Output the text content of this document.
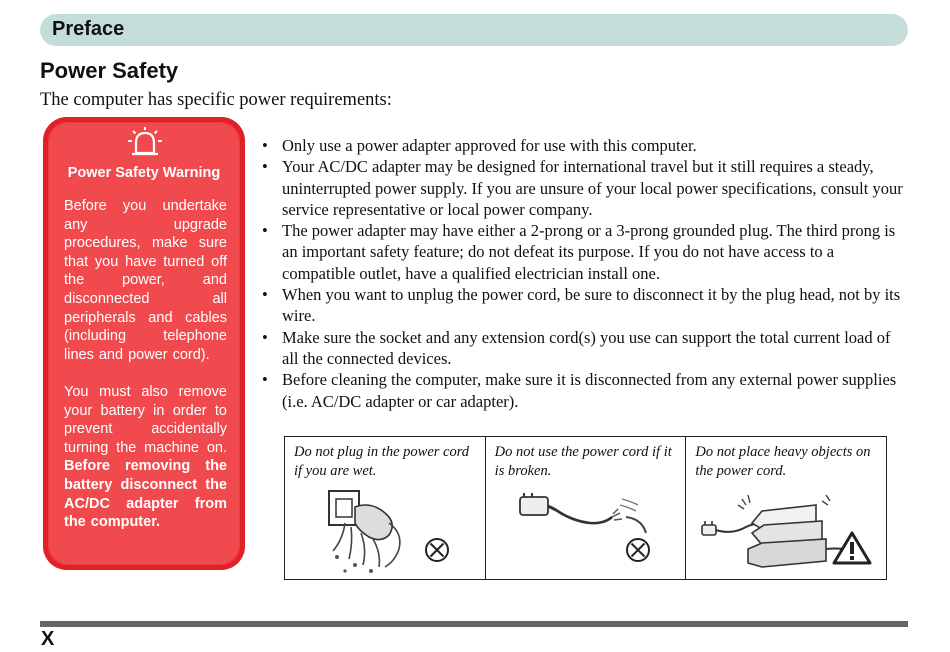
Preface
Power Safety

The computer has specific power requirements:

Power Safety Warning

Before you undertake any upgrade procedures, make sure that you have turned off the power, and disconnected all peripherals and cables (including telephone lines and power cord).

You must also remove your battery in order to prevent accidentally turning the machine on. Before removing the battery disconnect the AC/DC adapter from the computer.

• Only use a power adapter approved for use with this computer.
• Your AC/DC adapter may be designed for international travel but it still requires a steady, uninterrupted power supply. If you are unsure of your local power specifications, consult your service representative or local power company.
• The power adapter may have either a 2-prong or a 3-prong grounded plug. The third prong is an important safety feature; do not defeat its purpose. If you do not have access to a compatible outlet, have a qualified electrician install one.
• When you want to unplug the power cord, be sure to disconnect it by the plug head, not by its wire.
• Make sure the socket and any extension cord(s) you use can support the total current load of all the connected devices.
• Before cleaning the computer, make sure it is disconnected from any external power supplies (i.e. AC/DC adapter or car adapter).

Do not plug in the power cord if you are wet.

Do not use the power cord if it is broken.

Do not place heavy objects on the power cord.

X
